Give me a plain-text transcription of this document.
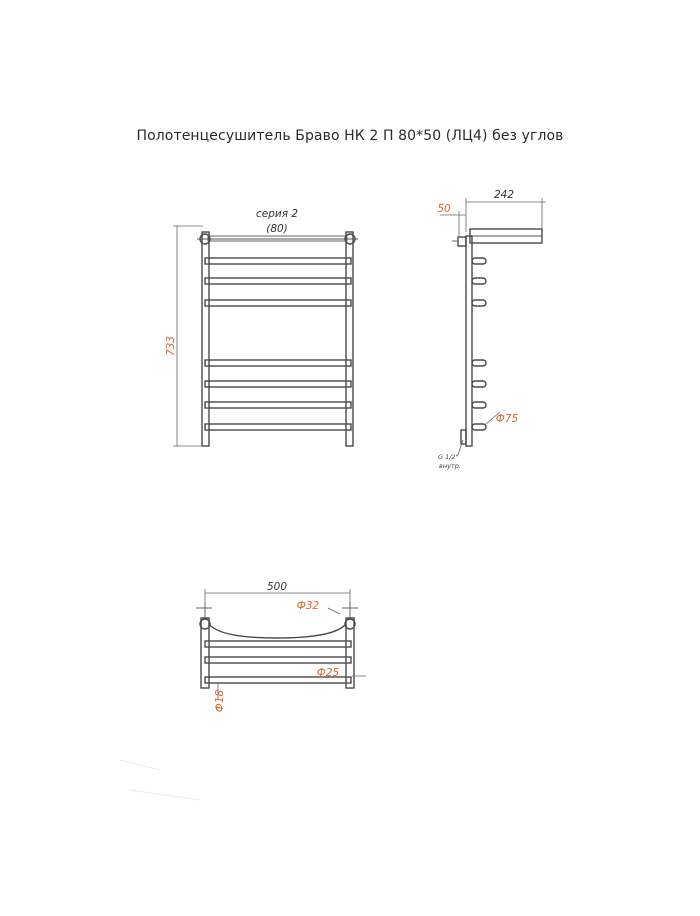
Полотенцесушитель Браво НК 2 П 80*50 (ЛЦ4) без углов
733
серия 2
(80)
242
50
Ф75
G 1/2"
внутр.
500
Ф32
Ф25
Ф18
